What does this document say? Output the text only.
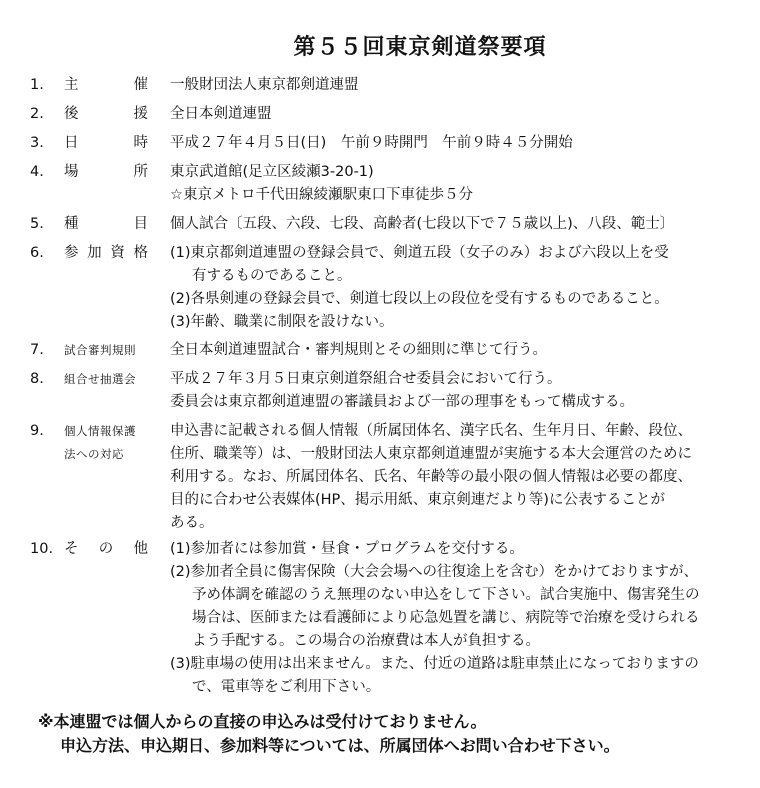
第５５回東京剣道祭要項
1.	主	催 一般財団法人東京都剣道連盟
2.	後	援 全日本剣道連盟
3.	日	時 平成２７年４月５日(日)　午前９時開門　午前９時４５分開始
4.	場	所 東京武道館(足立区綾瀬3-20-1)
☆東京メトロ千代田線綾瀬駅東口下車徒歩５分
5.	種	目 個人試合〔五段、六段、七段、高齢者(七段以下で７５歳以上)、八段、範士〕
6.	参 加 資 格 (1)東京都剣道連盟の登録会員で、剣道五段（女子のみ）および六段以上を受
有するものであること。
(2)各県剣連の登録会員で、剣道七段以上の段位を受有するものであること。
(3)年齢、職業に制限を設けない。
7.	試合審判規則	全日本剣道連盟試合・審判規則とその細則に準じて行う。
8.	組合せ抽選会	平成２７年３月５日東京剣道祭組合せ委員会において行う。
委員会は東京都剣道連盟の審議員および一部の理事をもって構成する。
9.	個人情報保護
法への対応
申込書に記載される個人情報（所属団体名、漢字氏名、生年月日、年齢、段位、
住所、職業等）は、一般財団法人東京都剣道連盟が実施する本大会運営のために
利用する。なお、所属団体名、氏名、年齢等の最小限の個人情報は必要の都度、
目的に合わせ公表媒体(HP、掲示用紙、東京剣連だより等)に公表することが
ある。
10. そ の 他 (1)参加者には参加賞・昼食・プログラムを交付する。
(2)参加者全員に傷害保険（大会会場への往復途上を含む）をかけておりますが、
予め体調を確認のうえ無理のない申込をして下さい。試合実施中、傷害発生の
場合は、医師または看護師により応急処置を講じ、病院等で治療を受けられる
よう手配する。この場合の治療費は本人が負担する。
(3)駐車場の使用は出来ません。また、付近の道路は駐車禁止になっておりますの
で、電車等をご利用下さい。
※本連盟では個人からの直接の申込みは受付けておりません。
申込方法、申込期日、参加料等については、所属団体へお問い合わせ下さい。
